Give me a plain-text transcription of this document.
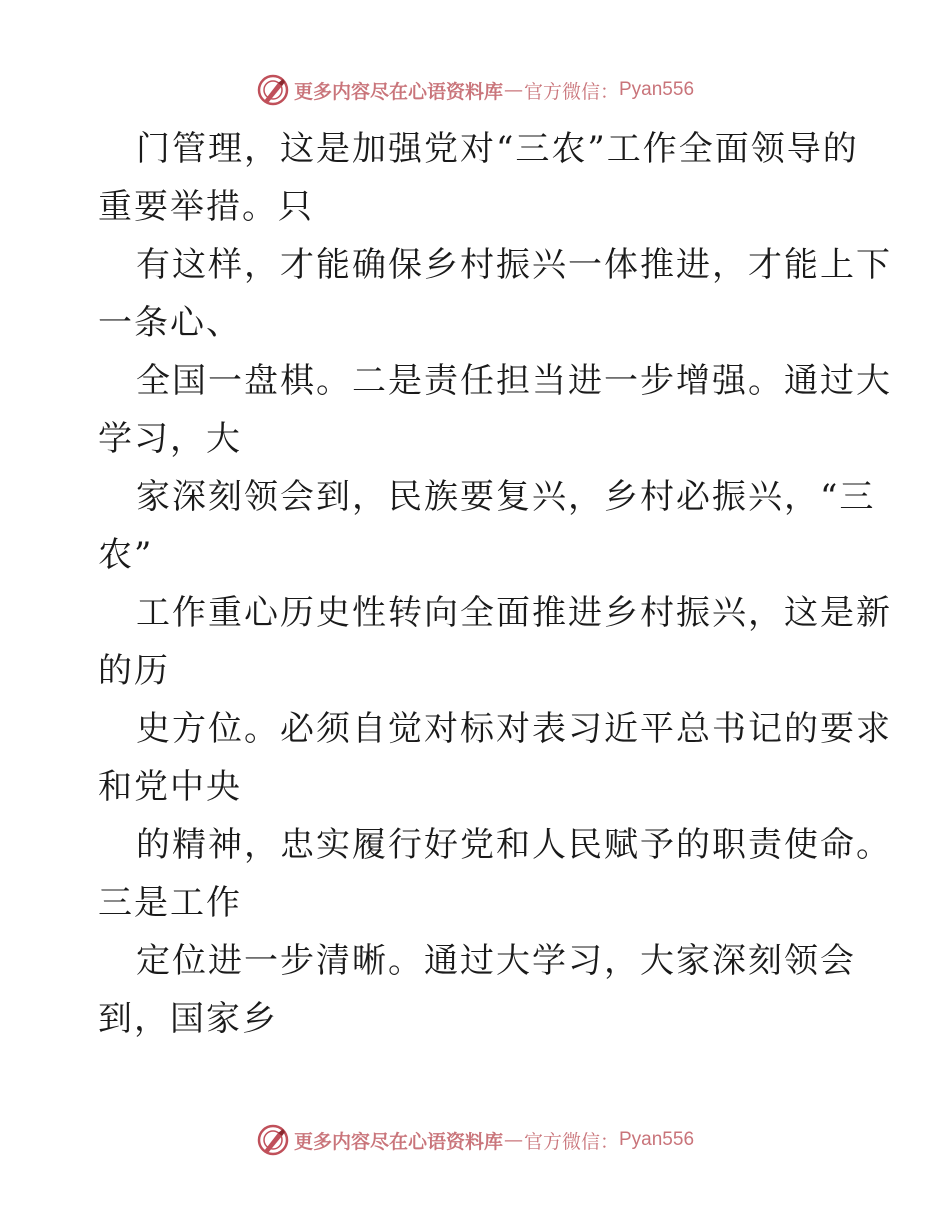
更多内容尽在心语资料库 — 官方微信： Pyan556
门管理，这是加强党对“三农”工作全面领导的
重要举措。只
有这样，才能确保乡村振兴一体推进，才能上下
一条心、
全国一盘棋。二是责任担当进一步增强。通过大
学习，大
家深刻领会到，民族要复兴，乡村必振兴，“三
农”
工作重心历史性转向全面推进乡村振兴，这是新
的历
史方位。必须自觉对标对表习近平总书记的要求
和党中央
的精神，忠实履行好党和人民赋予的职责使命。
三是工作
定位进一步清晰。通过大学习，大家深刻领会
到，国家乡
更多内容尽在心语资料库 — 官方微信： Pyan556
